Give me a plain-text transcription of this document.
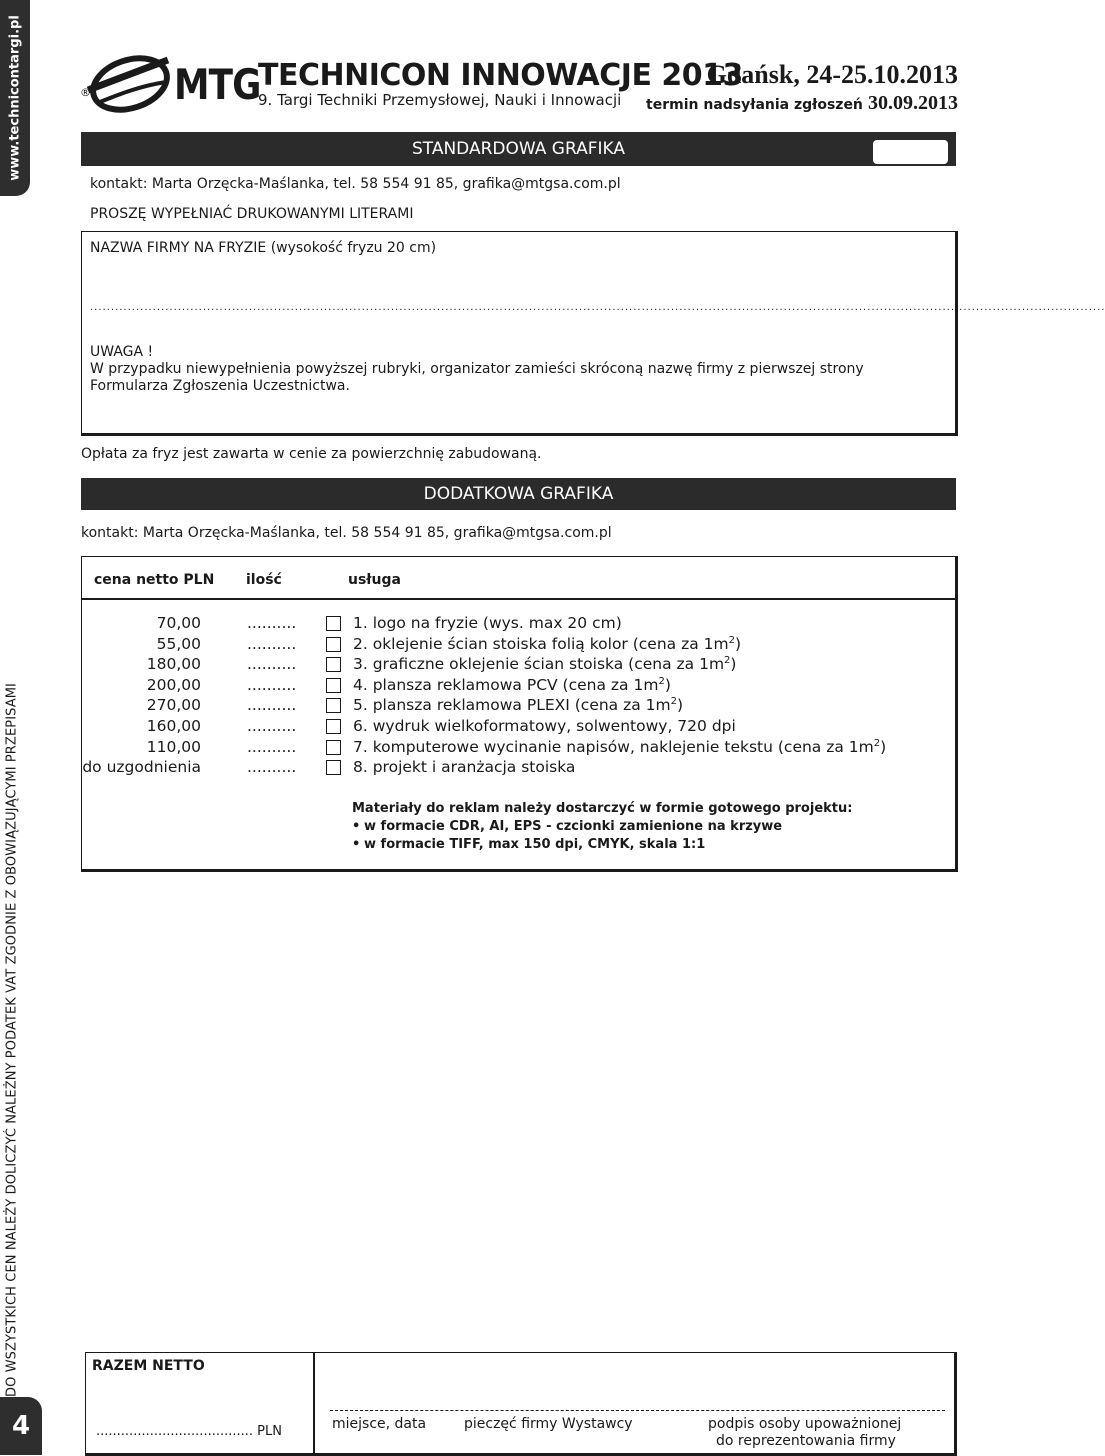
www.technicontargi.pl
DO WSZYSTKICH CEN NALEŻY DOLICZYĆ NALEŻNY PODATEK VAT ZGODNIE Z OBOWIĄZUJĄCYMI PRZEPISAMI
4
® MTG
TECHNICON INNOWACJE 2013
9. Targi Techniki Przemysłowej, Nauki i Innowacji
Gdańsk, 24-25.10.2013
termin nadsyłania zgłoszeń 30.09.2013
STANDARDOWA GRAFIKA
kontakt: Marta Orzęcka-Maślanka, tel. 58 554 91 85, grafika@mtgsa.com.pl
PROSZĘ WYPEŁNIAĆ DRUKOWANYMI LITERAMI
NAZWA FIRMY NA FRYZIE (wysokość fryzu 20 cm)
...................................................................................................................................................................................................................................................
UWAGA !
W przypadku niewypełnienia powyższej rubryki, organizator zamieści skróconą nazwę firmy z pierwszej strony
Formularza Zgłoszenia Uczestnictwa.
Opłata za fryz jest zawarta w cenie za powierzchnię zabudowaną.
DODATKOWA GRAFIKA
kontakt: Marta Orzęcka-Maślanka, tel. 58 554 91 85, grafika@mtgsa.com.pl
cena netto PLN ilość	usługa
70,00	..........	1. logo na fryzie (wys. max 20 cm)
55,00	..........	2. oklejenie ścian stoiska folią kolor (cena za $1m^2$)
180,00	..........	3. graficzne oklejenie ścian stoiska (cena za $1m^2$)
200,00	..........	4. plansza reklamowa PCV (cena za $1m^2$)
270,00	..........	5. plansza reklamowa PLEXI (cena za $1m^2$)
160,00	..........	6. wydruk wielkoformatowy, solwentowy, 720 dpi
110,00	..........	7. komputerowe wycinanie napisów, naklejenie tekstu (cena za $1m^2$)
do uzgodnienia	..........	8. projekt i aranżacja stoiska
Materiały do reklam należy dostarczyć w formie gotowego projektu:
• w formacie CDR, AI, EPS - czcionki zamienione na krzywe
• w formacie TIFF, max 150 dpi, CMYK, skala 1:1
RAZEM NETTO
...................................... PLN	miejsce, data	pieczęć firmy Wystawcy	podpis osoby upoważnionej
do reprezentowania firmy
